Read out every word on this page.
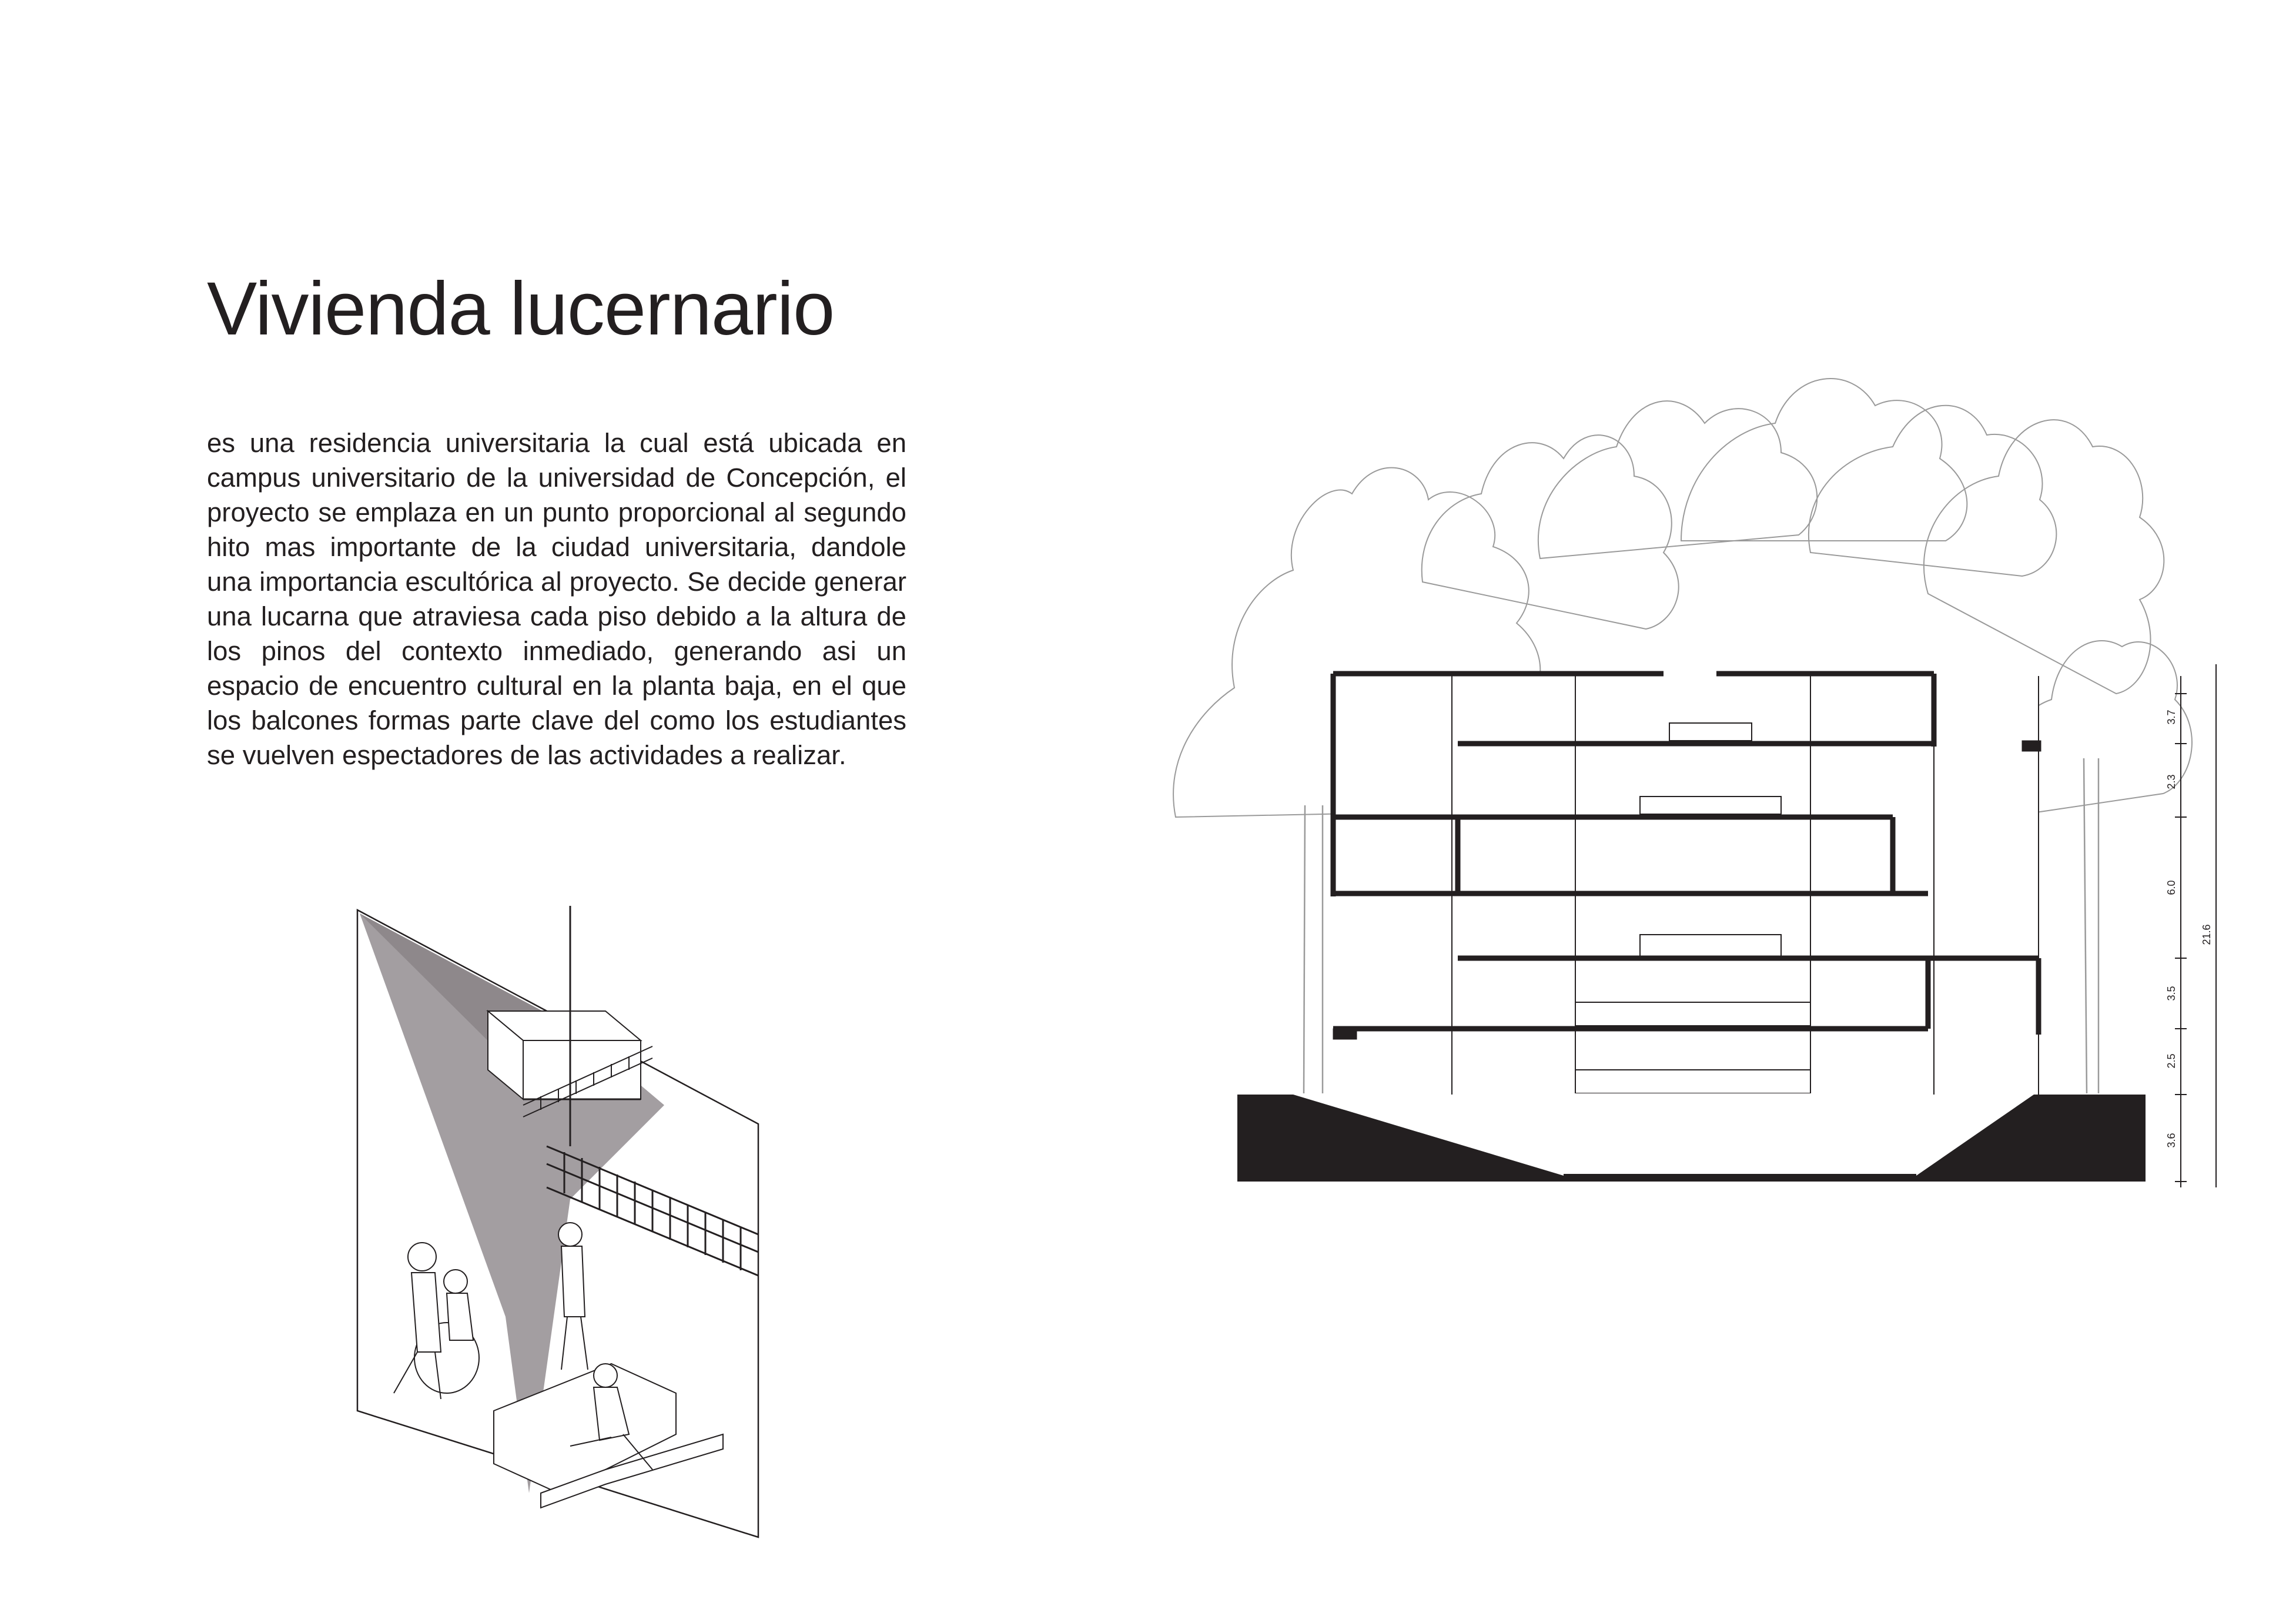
Vivienda lucernario

es una residencia universitaria la cual está ubicada en campus universitario de la universidad de Concepción, el proyecto se emplaza en un punto proporcional al segundo hito mas importante de la ciudad universitaria, dandole una importancia escultórica al proyecto. Se decide generar una lucarna que atraviesa cada piso debido a la altura de los pinos del contexto inmediado, generando asi un espacio de encuentro cultural en la planta baja, en el que los balcones formas parte clave del como los estudiantes se vuelven espectadores de las actividades a realizar.

3.7
2.3
6.0
3.5
2.5
3.6
21.6
